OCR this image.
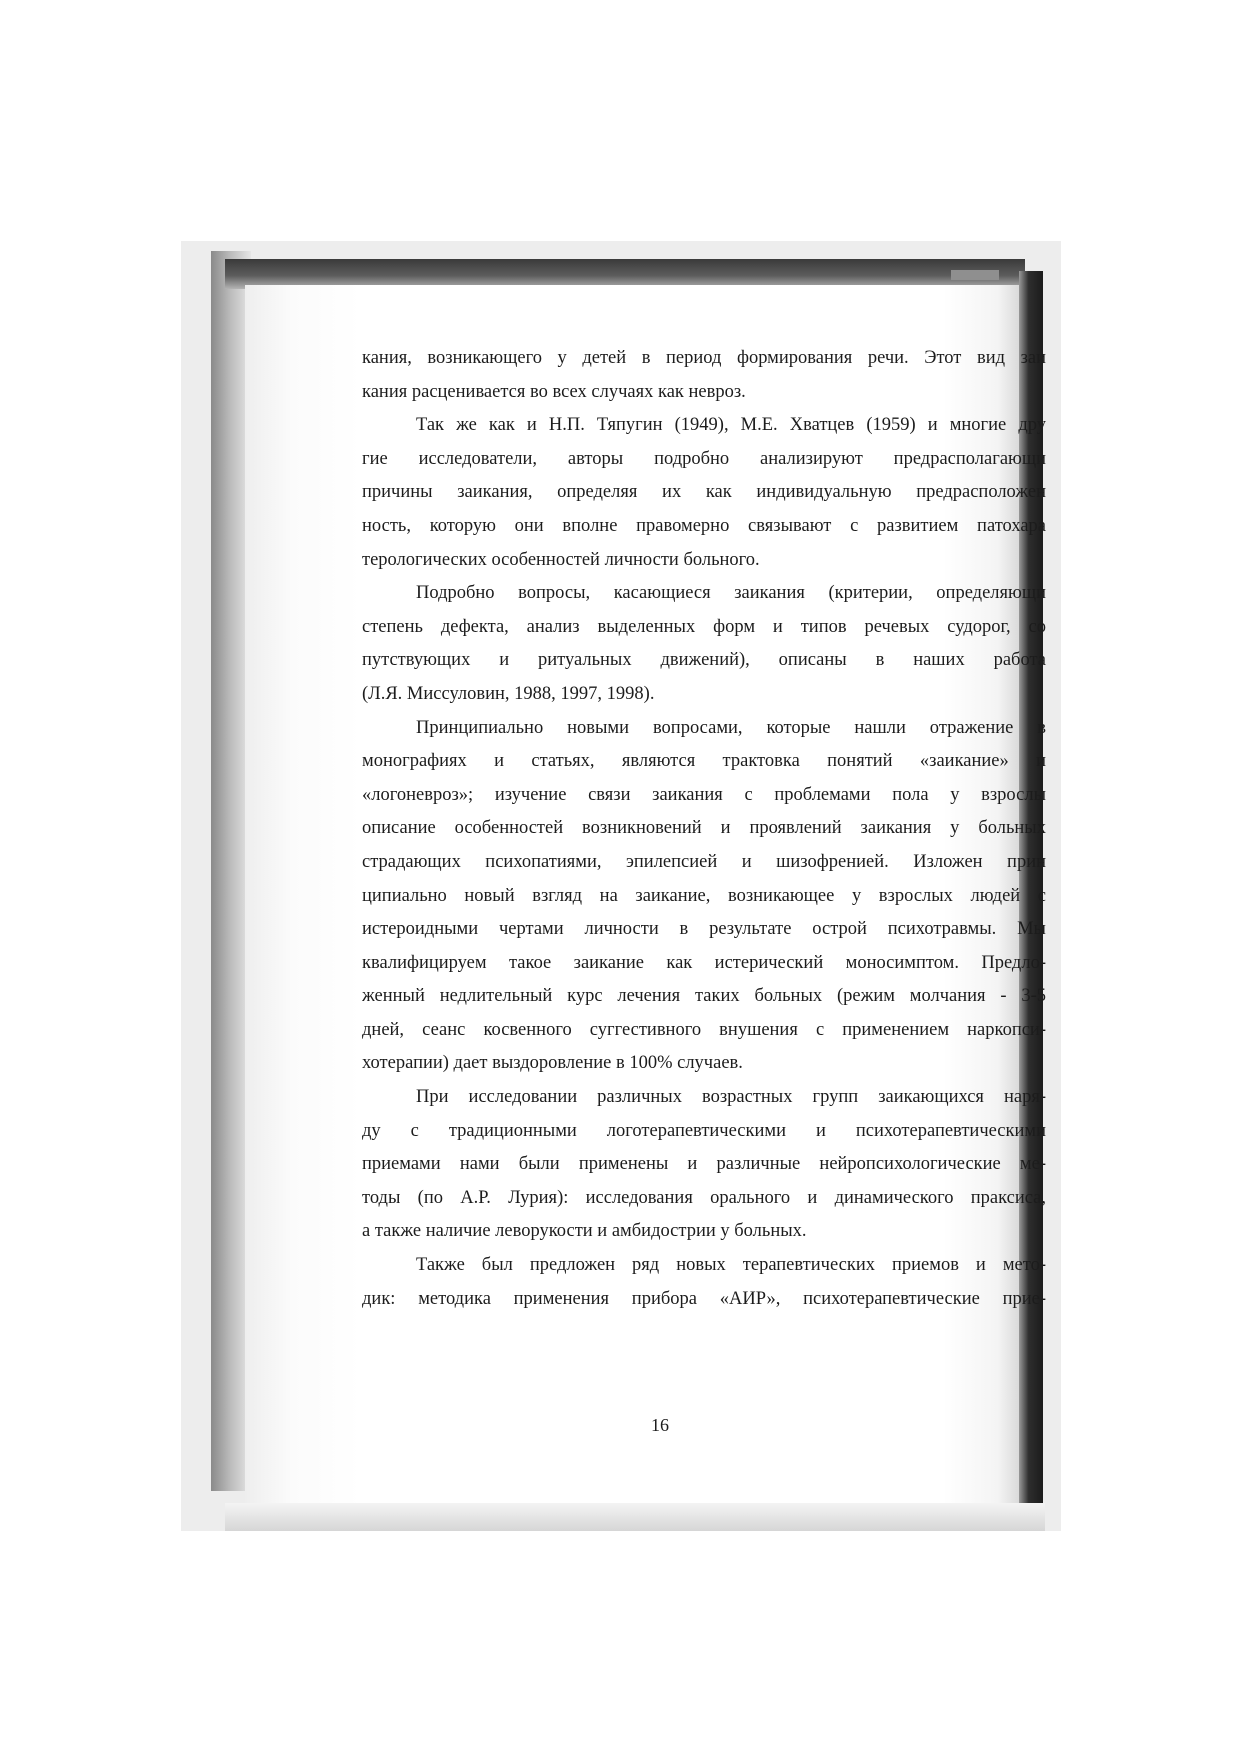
кания, возникающего у детей в период формирования речи. Этот вид заи
кания расценивается во всех случаях как невроз.
Так же как и Н.П. Тяпугин (1949), М.Е. Хватцев (1959) и многие дру
гие исследователи, авторы подробно анализируют предрасполагающи
причины заикания, определяя их как индивидуальную предрасположен
ность, которую они вполне правомерно связывают с развитием патохара
терологических особенностей личности больного.
Подробно вопросы, касающиеся заикания (критерии, определяющи
степень дефекта, анализ выделенных форм и типов речевых судорог, со
путствующих и ритуальных движений), описаны в наших работа
(Л.Я. Миссуловин, 1988, 1997, 1998).
Принципиально новыми вопросами, которые нашли отражение в
монографиях и статьях, являются трактовка понятий «заикание» и
«логоневроз»; изучение связи заикания с проблемами пола у взрослы
описание особенностей возникновений и проявлений заикания у больных
страдающих психопатиями, эпилепсией и шизофренией. Изложен прин
ципиально новый взгляд на заикание, возникающее у взрослых людей с
истероидными чертами личности в результате острой психотравмы. Мы
квалифицируем такое заикание как истерический моносимптом. Предло-
женный недлительный курс лечения таких больных (режим молчания - 3-5
дней, сеанс косвенного суггестивного внушения с применением наркопси-
хотерапии) дает выздоровление в 100% случаев.
При исследовании различных возрастных групп заикающихся наря-
ду с традиционными логотерапевтическими и психотерапевтическими
приемами нами были применены и различные нейропсихологические ме-
тоды (по А.Р. Лурия): исследования орального и динамического праксиса,
а также наличие леворукости и амбидострии у больных.
Также был предложен ряд новых терапевтических приемов и мето-
дик: методика применения прибора «АИР», психотерапевтические прие-
16
